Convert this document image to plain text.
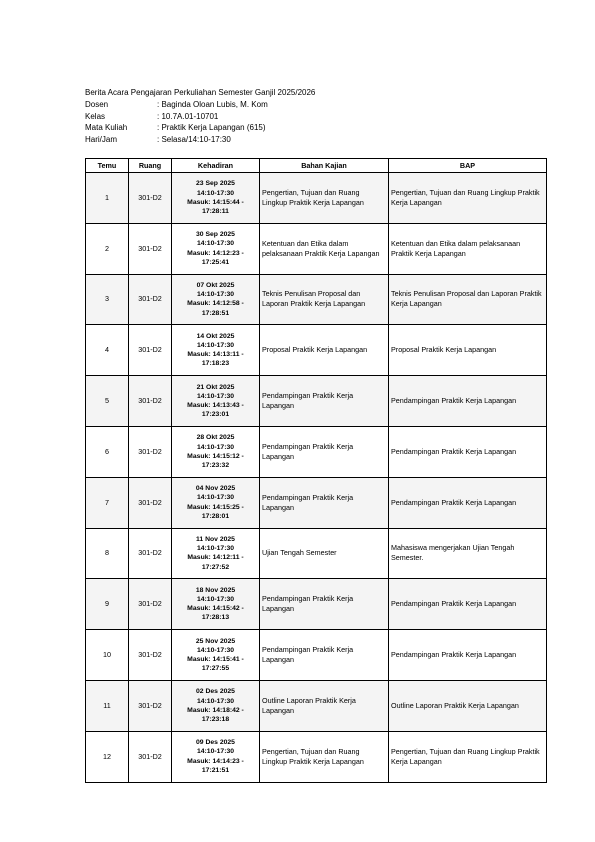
Berita Acara Pengajaran Perkuliahan Semester Ganjil 2025/2026
Dosen	: Baginda Oloan Lubis, M. Kom
Kelas	: 10.7A.01-10701
Mata Kuliah	: Praktik Kerja Lapangan (615)
Hari/Jam	: Selasa/14:10-17:30
Temu	Ruang	Kehadiran	Bahan Kajian	BAP
1	301-D2	23 Sep 2025
14:10-17:30
Masuk: 14:15:44 -
17:28:11	Pengertian, Tujuan dan Ruang Lingkup Praktik Kerja Lapangan	Pengertian, Tujuan dan Ruang Lingkup Praktik Kerja Lapangan
2	301-D2	30 Sep 2025
14:10-17:30
Masuk: 14:12:23 -
17:25:41	Ketentuan dan Etika dalam pelaksanaan Praktik Kerja Lapangan	Ketentuan dan Etika dalam pelaksanaan Praktik Kerja Lapangan
3	301-D2	07 Okt 2025
14:10-17:30
Masuk: 14:12:58 -
17:28:51	Teknis Penulisan Proposal dan Laporan Praktik Kerja Lapangan	Teknis Penulisan Proposal dan Laporan Praktik Kerja Lapangan
4	301-D2	14 Okt 2025
14:10-17:30
Masuk: 14:13:11 -
17:18:23	Proposal Praktik Kerja Lapangan	Proposal Praktik Kerja Lapangan
5	301-D2	21 Okt 2025
14:10-17:30
Masuk: 14:13:43 -
17:23:01	Pendampingan Praktik Kerja Lapangan	Pendampingan Praktik Kerja Lapangan
6	301-D2	28 Okt 2025
14:10-17:30
Masuk: 14:15:12 -
17:23:32	Pendampingan Praktik Kerja Lapangan	Pendampingan Praktik Kerja Lapangan
7	301-D2	04 Nov 2025
14:10-17:30
Masuk: 14:15:25 -
17:28:01	Pendampingan Praktik Kerja Lapangan	Pendampingan Praktik Kerja Lapangan
8	301-D2	11 Nov 2025
14:10-17:30
Masuk: 14:12:11 -
17:27:52	Ujian Tengah Semester	Mahasiswa mengerjakan Ujian Tengah Semester.
9	301-D2	18 Nov 2025
14:10-17:30
Masuk: 14:15:42 -
17:28:13	Pendampingan Praktik Kerja Lapangan	Pendampingan Praktik Kerja Lapangan
10	301-D2	25 Nov 2025
14:10-17:30
Masuk: 14:15:41 -
17:27:55	Pendampingan Praktik Kerja Lapangan	Pendampingan Praktik Kerja Lapangan
11	301-D2	02 Des 2025
14:10-17:30
Masuk: 14:18:42 -
17:23:18	Outline Laporan Praktik Kerja Lapangan	Outline Laporan Praktik Kerja Lapangan
12	301-D2	09 Des 2025
14:10-17:30
Masuk: 14:14:23 -
17:21:51	Pengertian, Tujuan dan Ruang Lingkup Praktik Kerja Lapangan	Pengertian, Tujuan dan Ruang Lingkup Praktik Kerja Lapangan
